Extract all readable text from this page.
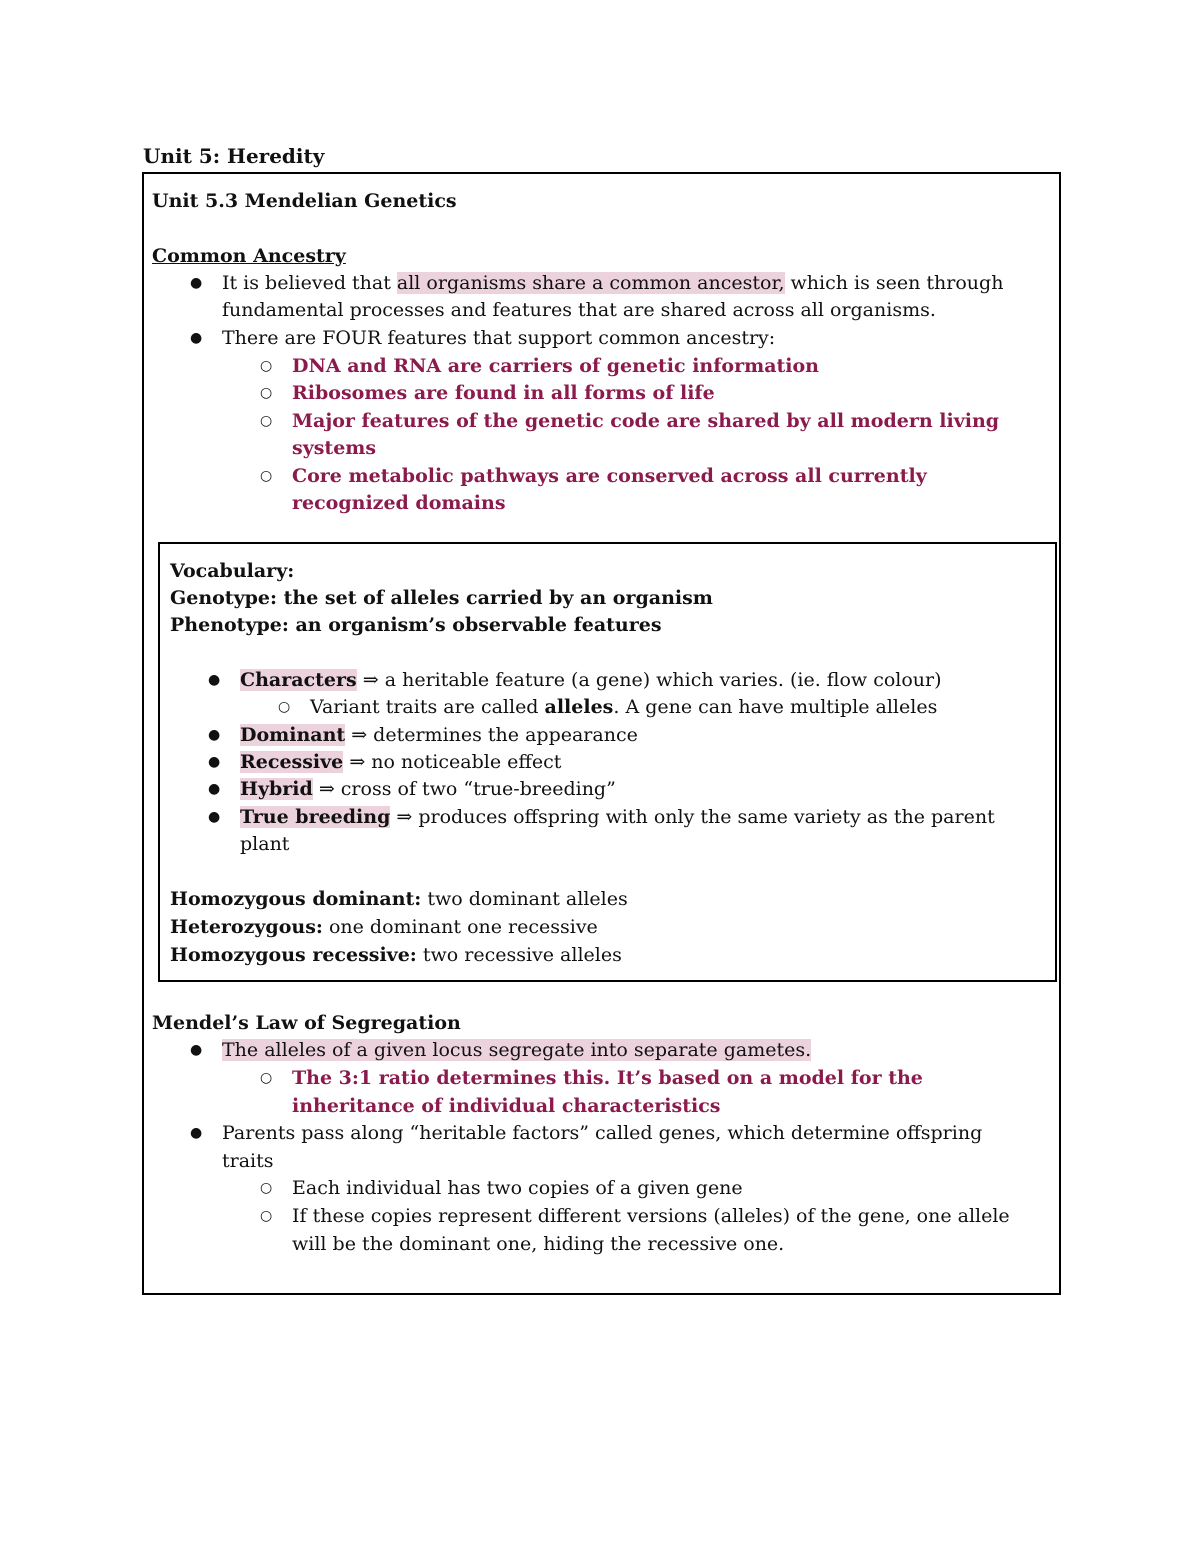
Unit 5: Heredity
Unit 5.3 Mendelian Genetics
Common Ancestry
● It is believed that all organisms share a common ancestor, which is seen through
fundamental processes and features that are shared across all organisms.
● There are FOUR features that support common ancestry:
○ DNA and RNA are carriers of genetic information
○ Ribosomes are found in all forms of life
○ Major features of the genetic code are shared by all modern living
systems
○ Core metabolic pathways are conserved across all currently
recognized domains
Vocabulary:
Genotype: the set of alleles carried by an organism
Phenotype: an organism’s observable features
● Characters ⇒ a heritable feature (a gene) which varies. (ie. flow colour)
○ Variant traits are called alleles. A gene can have multiple alleles
● Dominant ⇒ determines the appearance
● Recessive ⇒ no noticeable effect
● Hybrid ⇒ cross of two “true-breeding”
● True breeding ⇒ produces offspring with only the same variety as the parent
plant
Homozygous dominant: two dominant alleles
Heterozygous: one dominant one recessive
Homozygous recessive: two recessive alleles
Mendel’s Law of Segregation
● The alleles of a given locus segregate into separate gametes.
○ The 3:1 ratio determines this. It’s based on a model for the
inheritance of individual characteristics
● Parents pass along “heritable factors” called genes, which determine offspring
traits
○ Each individual has two copies of a given gene
○ If these copies represent different versions (alleles) of the gene, one allele
will be the dominant one, hiding the recessive one.
